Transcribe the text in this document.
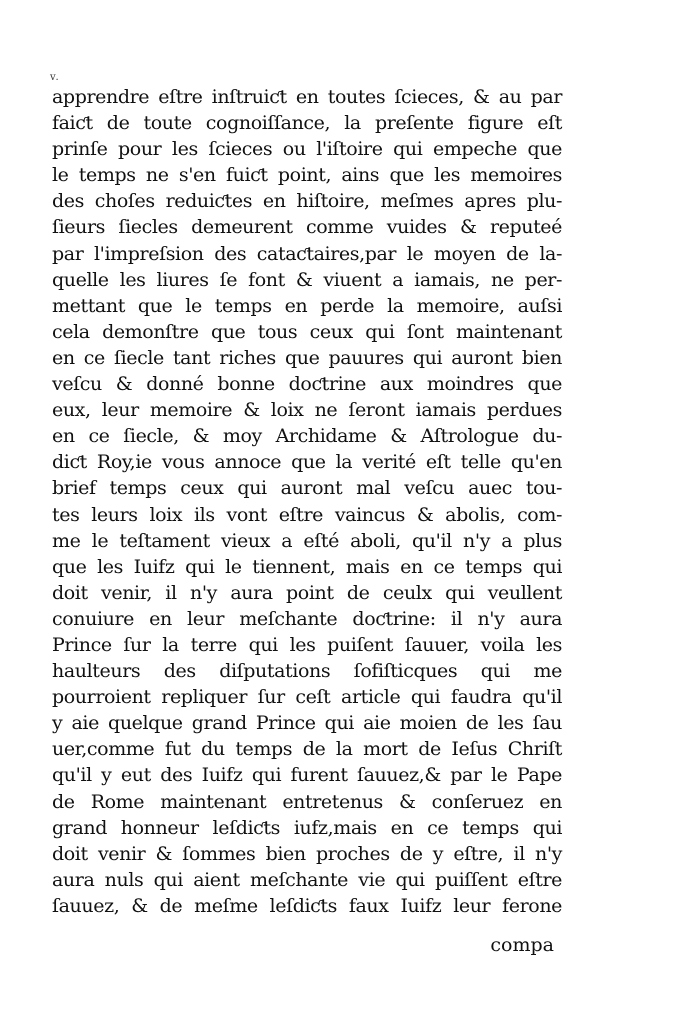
v.
apprendre eſtre inſtruiƈt en toutes ſcieces, & au par
faiƈt de toute cognoiſſance, la preſente figure eſt
prinſe pour les ſcieces ou l'iſtoire qui empeche que
le temps ne s'en fuiƈt point, ains que les memoires
des choſes reduiƈtes en hiſtoire, meſmes apres plu-
ſieurs ſiecles demeurent comme vuides & reputeé
par l'impreſsion des cataƈtaires,par le moyen de la-
quelle les liures ſe font & viuent a iamais, ne per-
mettant que le temps en perde la memoire, auſsi
cela demonſtre que tous ceux qui ſont maintenant
en ce ſiecle tant riches que pauures qui auront bien
veſcu & donné bonne doƈtrine aux moindres que
eux, leur memoire & loix ne ſeront iamais perdues
en ce ſiecle, & moy Archidame & Aſtrologue du-
diƈt Roy,ie vous annoce que la verité eſt telle qu'en
brief temps ceux qui auront mal veſcu auec tou-
tes leurs loix ils vont eſtre vaincus & abolis, com-
me le teſtament vieux a eſté aboli, qu'il n'y a plus
que les Iuifz qui le tiennent, mais en ce temps qui
doit venir, il n'y aura point de ceulx qui veullent
conuiure en leur meſchante doƈtrine: il n'y aura
Prince ſur la terre qui les puiſent ſauuer, voila les
haulteurs des diſputations ſofiſticques qui me
pourroient repliquer ſur ceſt article qui faudra qu'il
y aie quelque grand Prince qui aie moien de les ſau
uer,comme fut du temps de la mort de Ieſus Chriſt
qu'il y eut des Iuifz qui furent ſauuez,& par le Pape
de Rome maintenant entretenus & conſeruez en
grand honneur leſdiƈts iufz,mais en ce temps qui
doit venir & ſommes bien proches de y eſtre, il n'y
aura nuls qui aient meſchante vie qui puiſſent eſtre
ſauuez, & de meſme leſdiƈts faux Iuifz leur ferone
compa
